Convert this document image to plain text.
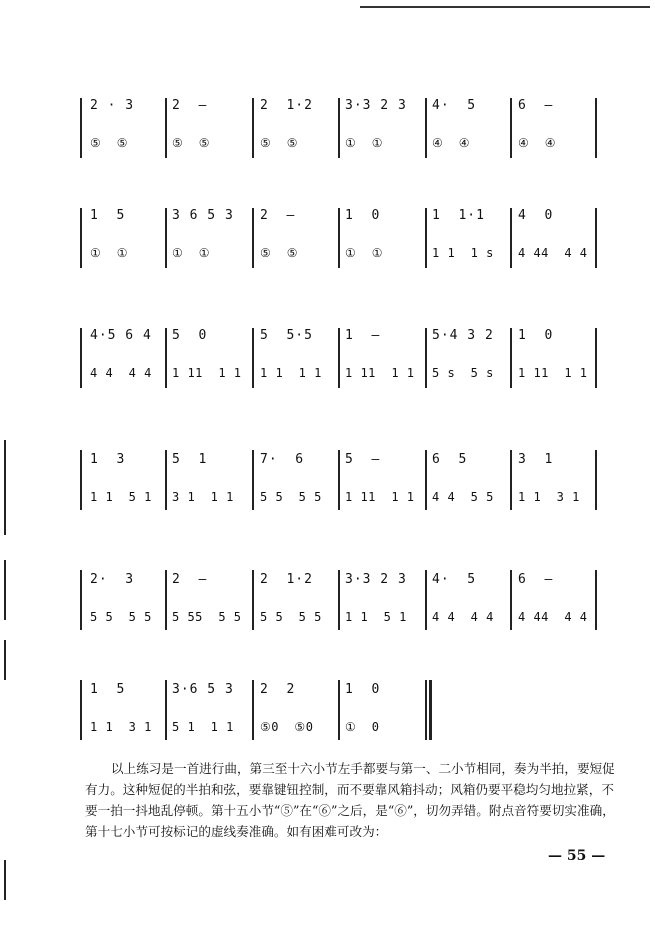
2 · 3
⑤  ⑤
2  —
⑤  ⑤
2  1·2
⑤  ⑤
3·3 2 3
①  ①
4·  5
④  ④
6  —
④  ④
1  5
①  ①
3 6 5 3
①  ①
2  —
⑤  ⑤
1  0
①  ①
1  1·1
1 1  1 s
4  0
4 44  4 4
4·5 6 4
4 4  4 4
5  0
1 11  1 1
5  5·5
1 1  1 1
1  —
1 11  1 1
5·4 3 2
5 s  5 s
1  0
1 11  1 1
1  3
1 1  5 1
5  1
3 1  1 1
7·  6
5 5  5 5
5  —
1 11  1 1
6  5
4 4  5 5
3  1
1 1  3 1
2·  3
5 5  5 5
2  —
5 55  5 5
2  1·2
5 5  5 5
3·3 2 3
1 1  5 1
4·  5
4 4  4 4
6  —
4 44  4 4
1  5
1 1  3 1
3·6 5 3
5 1  1 1
2  2
⑤0  ⑤0
1  0
①  0
以上练习是一首进行曲，第三至十六小节左手都要与第一、二小节相同，奏为半拍，要短促有力。这种短促的半拍和弦，要靠键钮控制，而不要靠风箱抖动；风箱仍要平稳均匀地拉紧，不要一拍一抖地乱停顿。第十五小节“⑤”在“⑥”之后，是“⑥”，切勿弄错。附点音符要切实准确，第十七小节可按标记的虚线奏准确。如有困难可改为：
— 55 —
